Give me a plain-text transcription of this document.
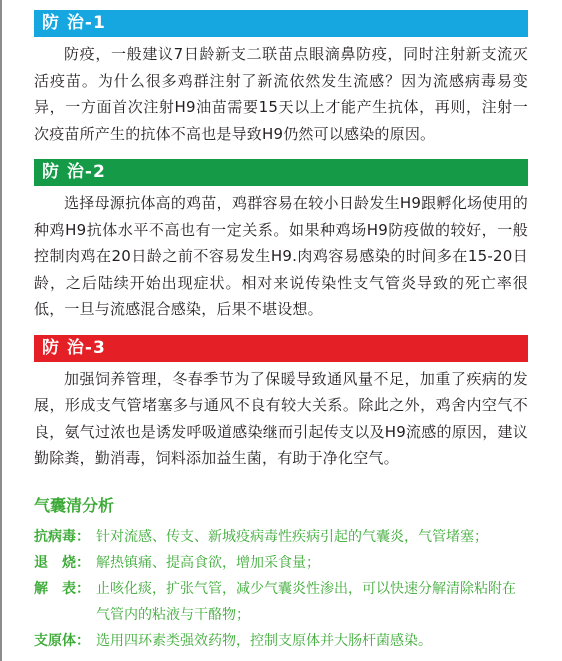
防 治-1

防疫，一般建议7日龄新支二联苗点眼滴鼻防疫，同时注射新支流灭活疫苗。为什么很多鸡群注射了新流依然发生流感？因为流感病毒易变异，一方面首次注射H9油苗需要15天以上才能产生抗体，再则，注射一次疫苗所产生的抗体不高也是导致H9仍然可以感染的原因。

防 治-2

选择母源抗体高的鸡苗，鸡群容易在较小日龄发生H9跟孵化场使用的种鸡H9抗体水平不高也有一定关系。如果种鸡场H9防疫做的较好，一般控制肉鸡在20日龄之前不容易发生H9.肉鸡容易感染的时间多在15-20日龄，之后陆续开始出现症状。相对来说传染性支气管炎导致的死亡率很低，一旦与流感混合感染，后果不堪设想。

防 治-3

加强饲养管理，冬春季节为了保暖导致通风量不足，加重了疾病的发展，形成支气管堵塞多与通风不良有较大关系。除此之外，鸡舍内空气不良，氨气过浓也是诱发呼吸道感染继而引起传支以及H9流感的原因，建议勤除粪，勤消毒，饲料添加益生菌，有助于净化空气。

气囊清分析
抗病毒： 针对流感、传支、新城疫病毒性疾病引起的气囊炎，气管堵塞；
退　烧： 解热镇痛、提高食欲，增加采食量；
解　表： 止咳化痰，扩张气管，减少气囊炎性渗出，可以快速分解清除粘附在气管内的粘液与干酪物；
支原体： 选用四环素类强效药物，控制支原体并大肠杆菌感染。
